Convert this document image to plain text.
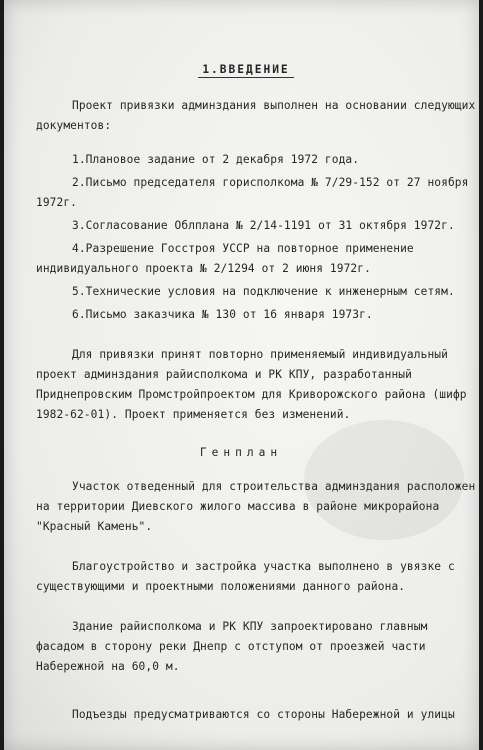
1.ВВЕДЕНИЕ

Проект привязки админздания выполнен на основании следующих документов:

1.Плановое задание от 2 декабря 1972 года.

2.Письмо председателя горисполкома № 7/29-152 от 27 ноября 1972г.

3.Согласование Облплана № 2/14-1191 от 31 октября 1972г.

4.Разрешение Госстроя УССР на повторное применение индивидуального проекта № 2/1294 от 2 июня 1972г.

5.Технические условия на подключение к инженерным сетям.

6.Письмо заказчика № 130 от 16 января 1973г.

Для привязки принят повторно применяемый индивидуальный проект админздания райисполкома и РК КПУ, разработанный Приднепровским Промстройпроектом для Криворожского района (шифр 1982-62-01). Проект применяется без изменений.

Генплан

Участок отведенный для строительства админздания расположен на территории Диевского жилого массива в районе микрорайона "Красный Камень".

Благоустройство и застройка участка выполнено в увязке с существующими и проектными положениями данного района.

Здание райисполкома и РК КПУ запроектировано главным фасадом в сторону реки Днепр с отступом от проезжей части Набережной на 60,0 м.

Подъезды предусматриваются со стороны Набережной и улицы
